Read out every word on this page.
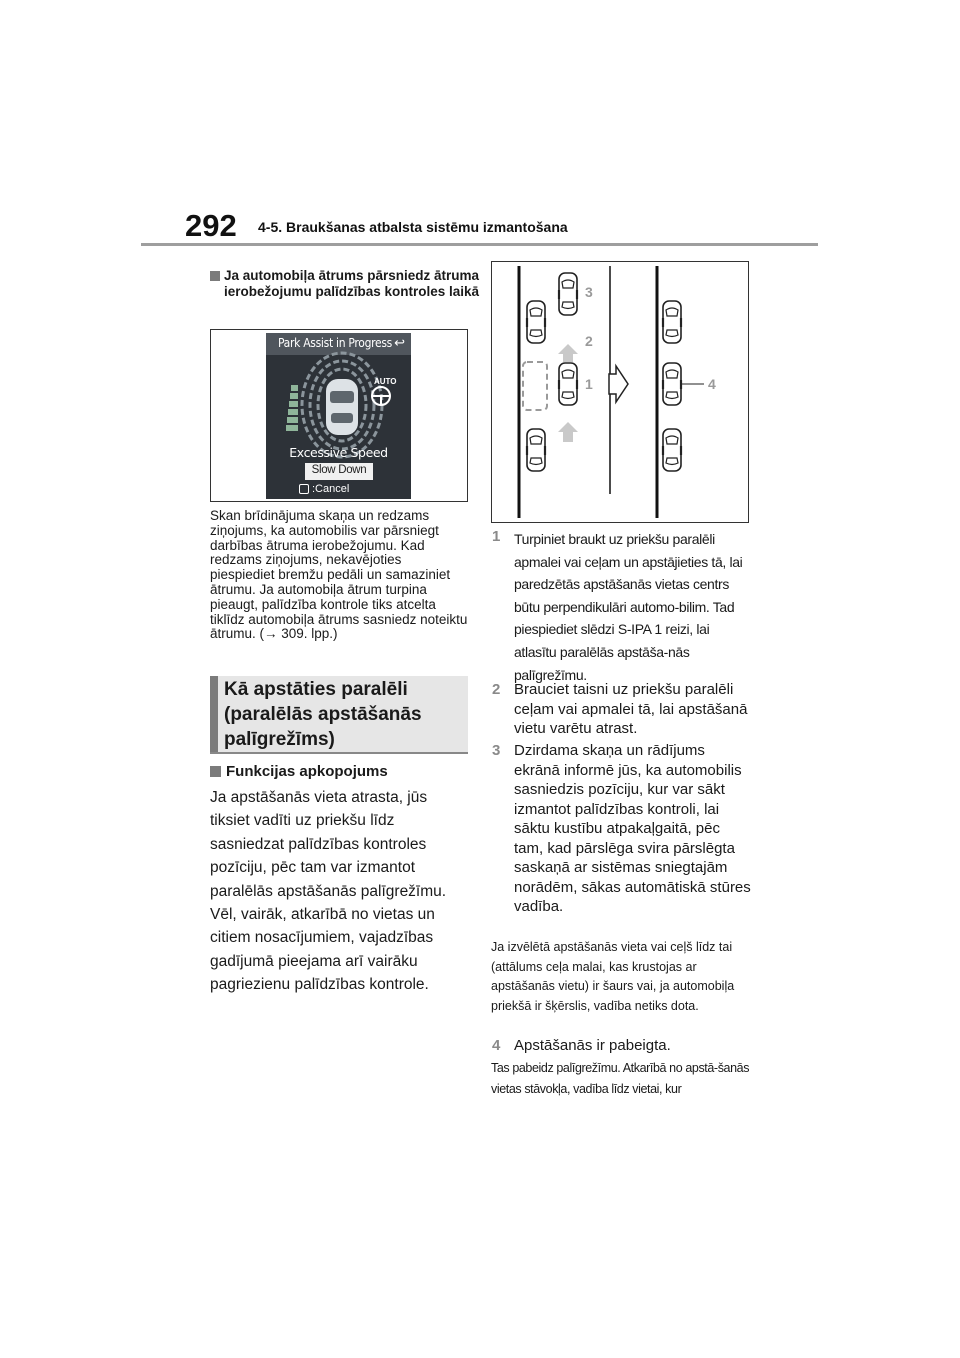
292 4-5. Braukšanas atbalsta sistēmu izmantošana
Ja automobiļa ātrums pārsniedz ātruma ierobežojumu palīdzības kontroles laikā
Park Assist in Progress ↩
AUTO
Excessive Speed
Slow Down
:Cancel
Skan brīdinājuma skaņa un redzams ziņojums, ka automobilis var pārsniegt darbības ātruma ierobežojumu. Kad redzams ziņojums, nekavējoties piespiediet bremžu pedāli un samaziniet ātrumu. Ja automobiļa ātrum turpina pieaugt, palīdzība kontrole tiks atcelta tiklīdz automobiļa ātrums sasniedz noteiktu ātrumu. (→ 309. lpp.)
Kā apstāties paralēli (paralēlās apstāšanās palīgrežīms)
Funkcijas apkopojums
Ja apstāšanās vieta atrasta, jūs tiksiet vadīti uz priekšu līdz sasniedzat palīdzības kontroles pozīciju, pēc tam var izmantot paralēlās apstāšanās palīgrežīmu. Vēl, vairāk, atkarībā no vietas un citiem nosacījumiem, vajadzības gadījumā pieejama arī vairāku pagriezienu palīdzības kontrole.
3
2
1	4
1 Turpiniet braukt uz priekšu paralēli apmalei vai ceļam un apstājieties tā, lai paredzētās apstāšanās vietas centrs būtu perpendikulāri automo-bilim. Tad piespiediet slēdzi S-IPA 1 reizi, lai atlasītu paralēlās apstāša-nās palīgrežīmu.
2 Brauciet taisni uz priekšu paralēli ceļam vai apmalei tā, lai apstāšanā vietu varētu atrast.
3 Dzirdama skaņa un rādījums ekrānā informē jūs, ka automobilis sasniedzis pozīciju, kur var sākt izmantot palīdzības kontroli, lai sāktu kustību atpakaļgaitā, pēc tam, kad pārslēga svira pārslēgta saskaņā ar sistēmas sniegtajām norādēm, sākas automātiskā stūres vadība.
Ja izvēlētā apstāšanās vieta vai ceļš līdz tai (attālums ceļa malai, kas krustojas ar apstāšanās vietu) ir šaurs vai, ja automobiļa priekšā ir šķērslis, vadība netiks dota.
4 Apstāšanās ir pabeigta.
Tas pabeidz palīgrežīmu. Atkarībā no apstā-šanās vietas stāvokļa, vadība līdz vietai, kur
